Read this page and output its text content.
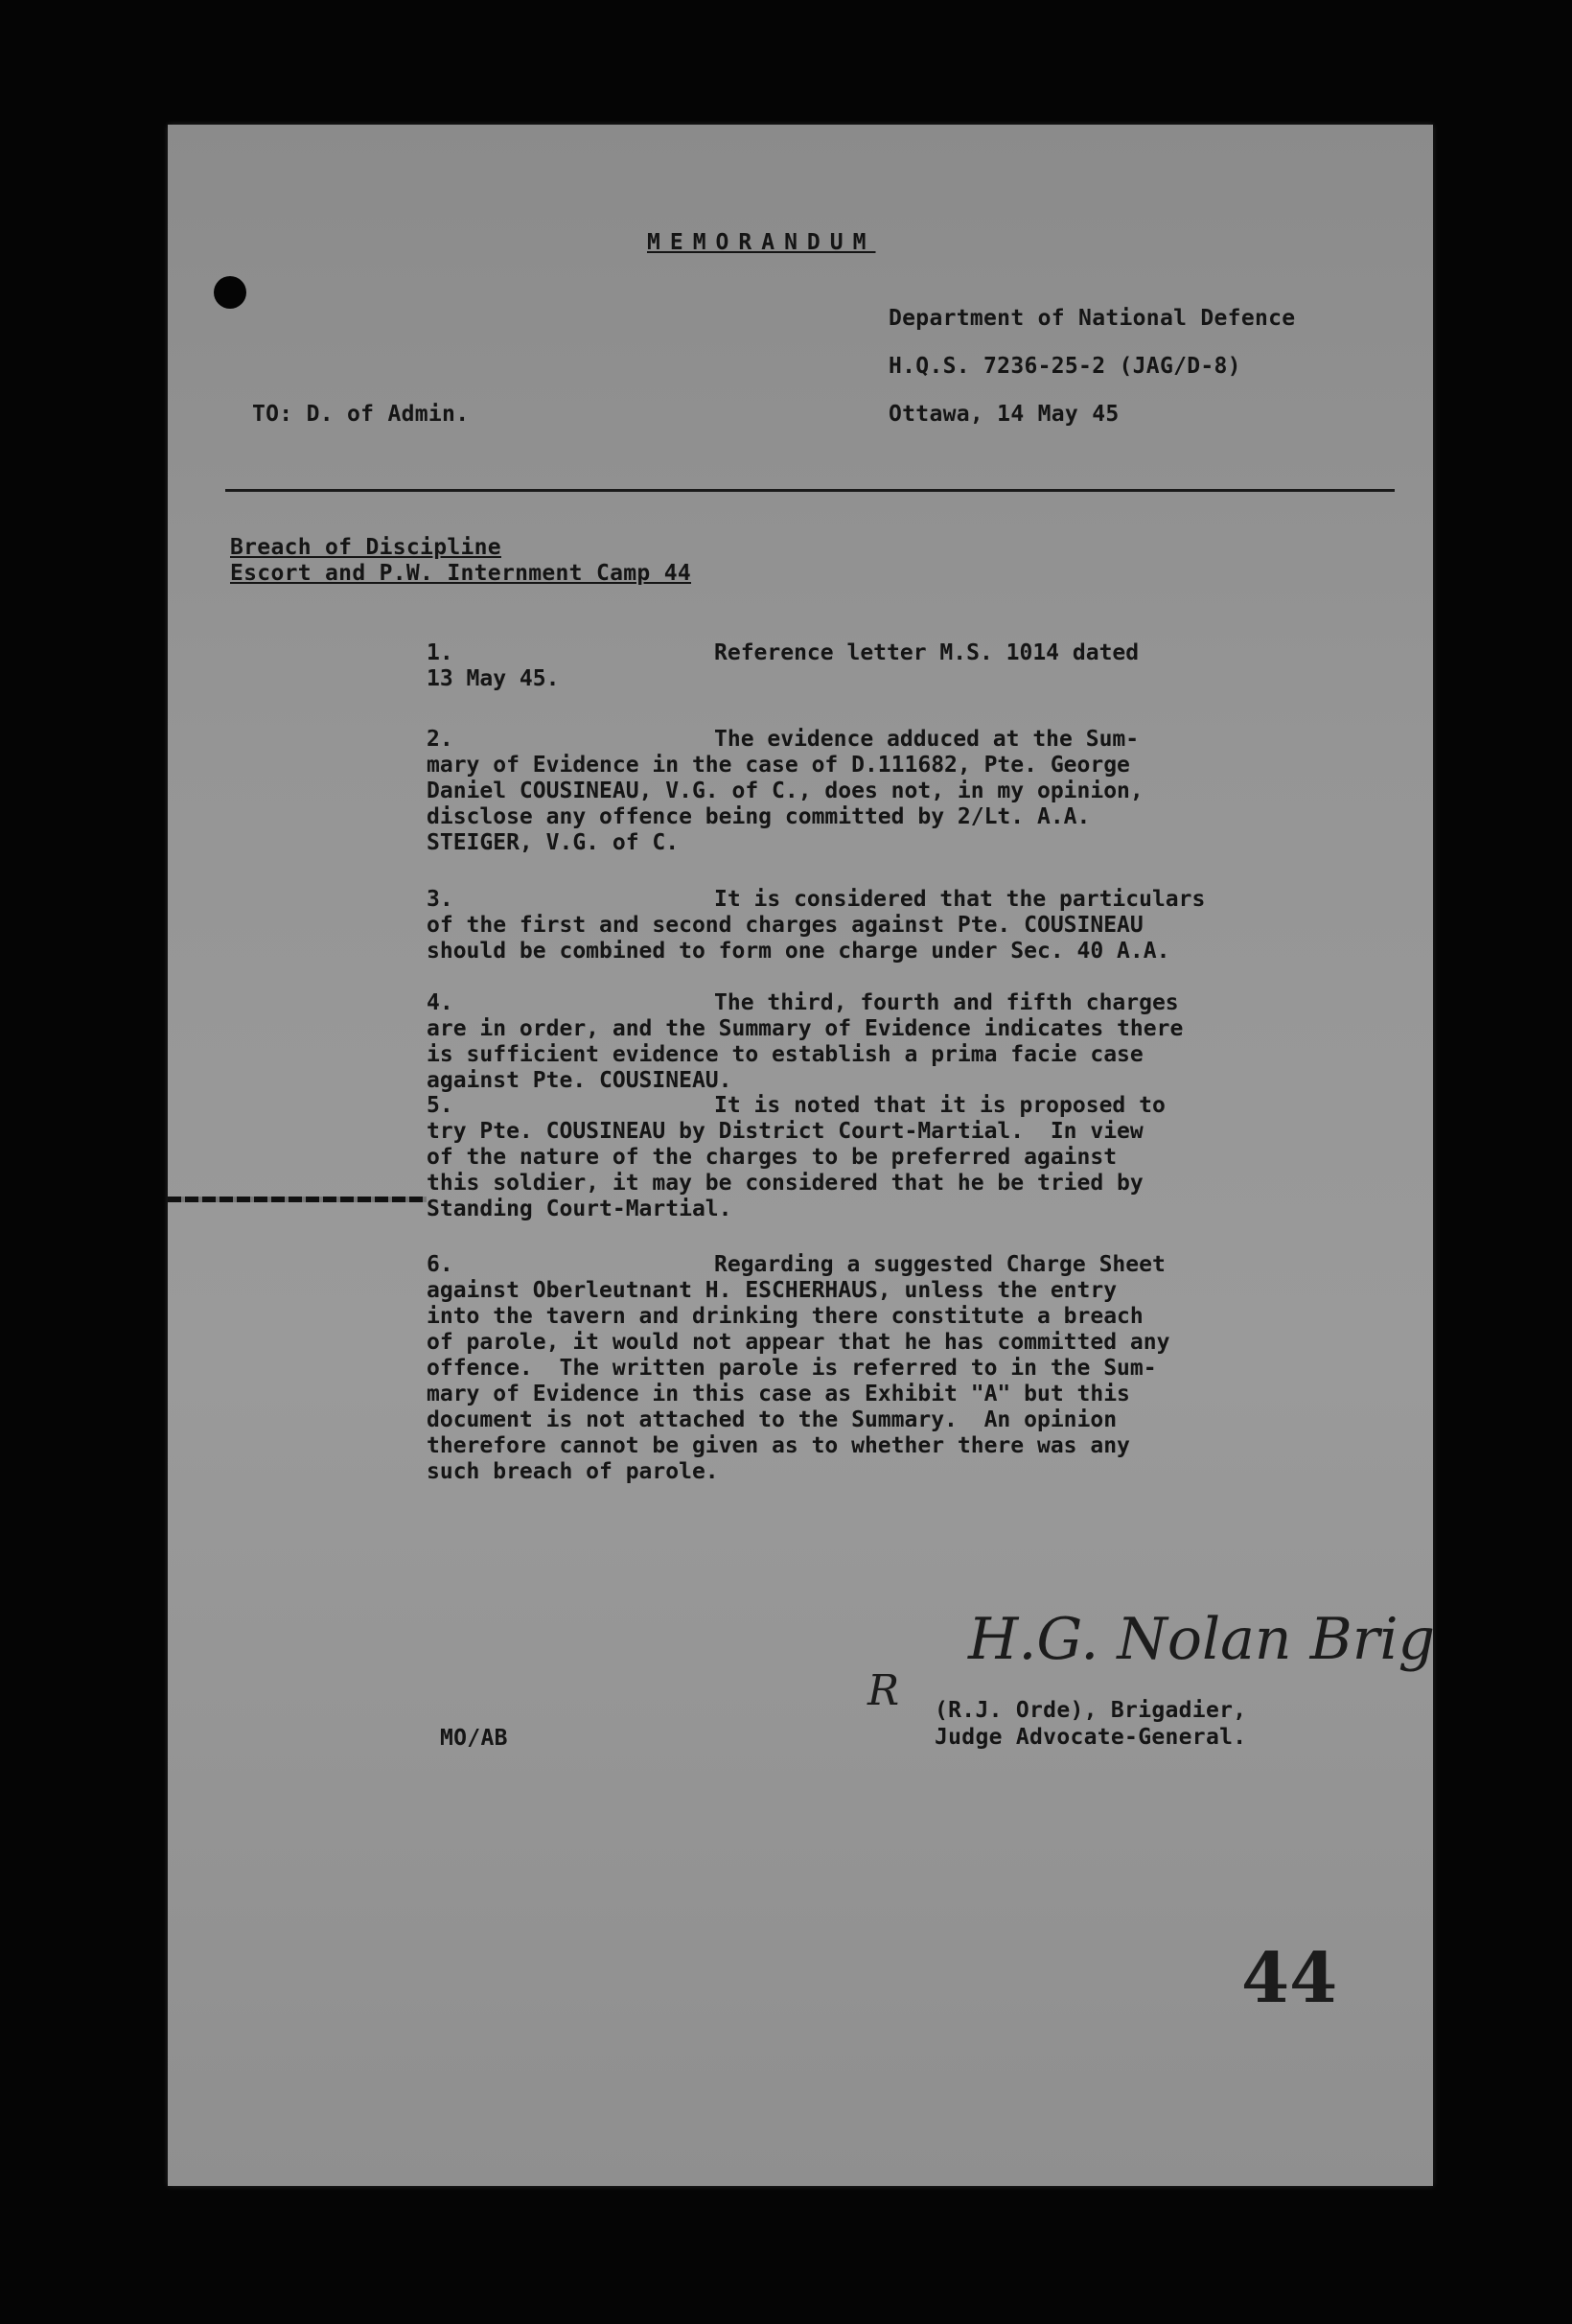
MEMORANDUM
Department of National Defence
H.Q.S. 7236-25-2 (JAG/D-8)
TO: D. of Admin.	Ottawa, 14 May 45
Breach of Discipline
Escort and P.W. Internment Camp 44
1.	Reference letter M.S. 1014 dated
13 May 45.
2.	The evidence adduced at the Sum-
mary of Evidence in the case of D.111682, Pte. George
Daniel COUSINEAU, V.G. of C., does not, in my opinion,
disclose any offence being committed by 2/Lt. A.A.
STEIGER, V.G. of C.
3.	It is considered that the particulars
of the first and second charges against Pte. COUSINEAU
should be combined to form one charge under Sec. 40 A.A.
4.	The third, fourth and fifth charges
are in order, and the Summary of Evidence indicates there
is sufficient evidence to establish a prima facie case
against Pte. COUSINEAU.
5.	It is noted that it is proposed to
try Pte. COUSINEAU by District Court-Martial.  In view
of the nature of the charges to be preferred against
this soldier, it may be considered that he be tried by
Standing Court-Martial.
6.	Regarding a suggested Charge Sheet
against Oberleutnant H. ESCHERHAUS, unless the entry
into the tavern and drinking there constitute a breach
of parole, it would not appear that he has committed any
offence.  The written parole is referred to in the Sum-
mary of Evidence in this case as Exhibit "A" but this
document is not attached to the Summary.  An opinion
therefore cannot be given as to whether there was any
such breach of parole.
H.G. Nolan Brig
R (R.J. Orde), Brigadier,
Judge Advocate-General.
MO/AB
44
